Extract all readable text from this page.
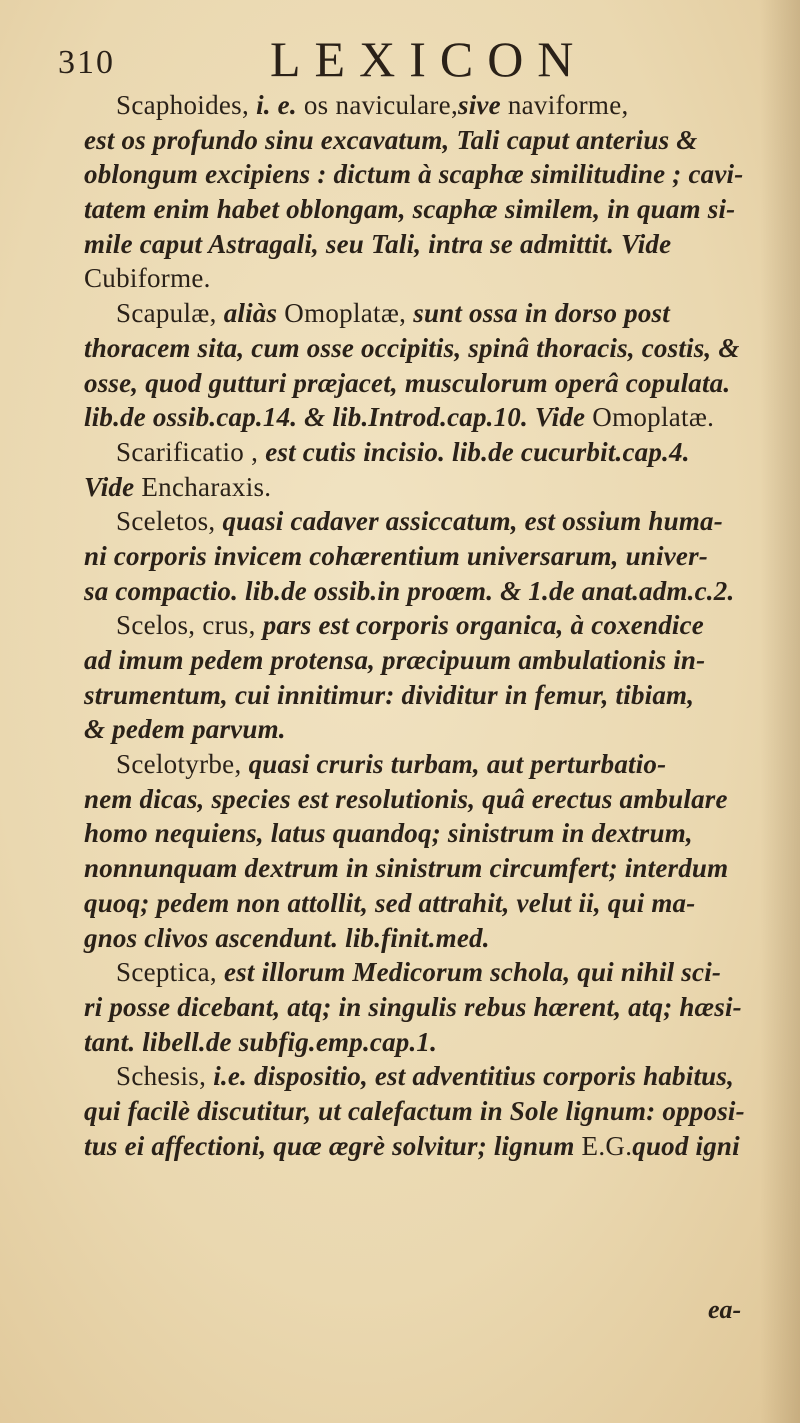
310	LEXICON
Scaphoides, i. e. os naviculare,sive naviforme,
est os profundo sinu excavatum, Tali caput anterius &
oblongum excipiens : dictum à scaphæ similitudine ; cavi-
tatem enim habet oblongam, scaphæ similem, in quam si-
mile caput Astragali, seu Tali, intra se admittit. Vide
Cubiforme.
Scapulæ, aliàs Omoplatæ, sunt ossa in dorso post
thoracem sita, cum osse occipitis, spinâ thoracis, costis, &
osse, quod gutturi præjacet, musculorum operâ copulata.
lib.de ossib.cap.14. & lib.Introd.cap.10. Vide Omoplatæ.
Scarificatio , est cutis incisio. lib.de cucurbit.cap.4.
Vide Encharaxis.
Sceletos, quasi cadaver assiccatum, est ossium huma-
ni corporis invicem cohærentium universarum, univer-
sa compactio. lib.de ossib.in proœm. & 1.de anat.adm.c.2.
Scelos, crus, pars est corporis organica, à coxendice
ad imum pedem protensa, præcipuum ambulationis in-
strumentum, cui innitimur: dividitur in femur, tibiam,
& pedem parvum.
Scelotyrbe, quasi cruris turbam, aut perturbatio-
nem dicas, species est resolutionis, quâ erectus ambulare
homo nequiens, latus quandoq; sinistrum in dextrum,
nonnunquam dextrum in sinistrum circumfert; interdum
quoq; pedem non attollit, sed attrahit, velut ii, qui ma-
gnos clivos ascendunt. lib.finit.med.
Sceptica, est illorum Medicorum schola, qui nihil sci-
ri posse dicebant, atq; in singulis rebus hærent, atq; hæsi-
tant. libell.de subfig.emp.cap.1.
Schesis, i.e. dispositio, est adventitius corporis habitus,
qui facilè discutitur, ut calefactum in Sole lignum: opposi-
tus ei affectioni, quæ ægrè solvitur; lignum E.G.quod igni
ea-
